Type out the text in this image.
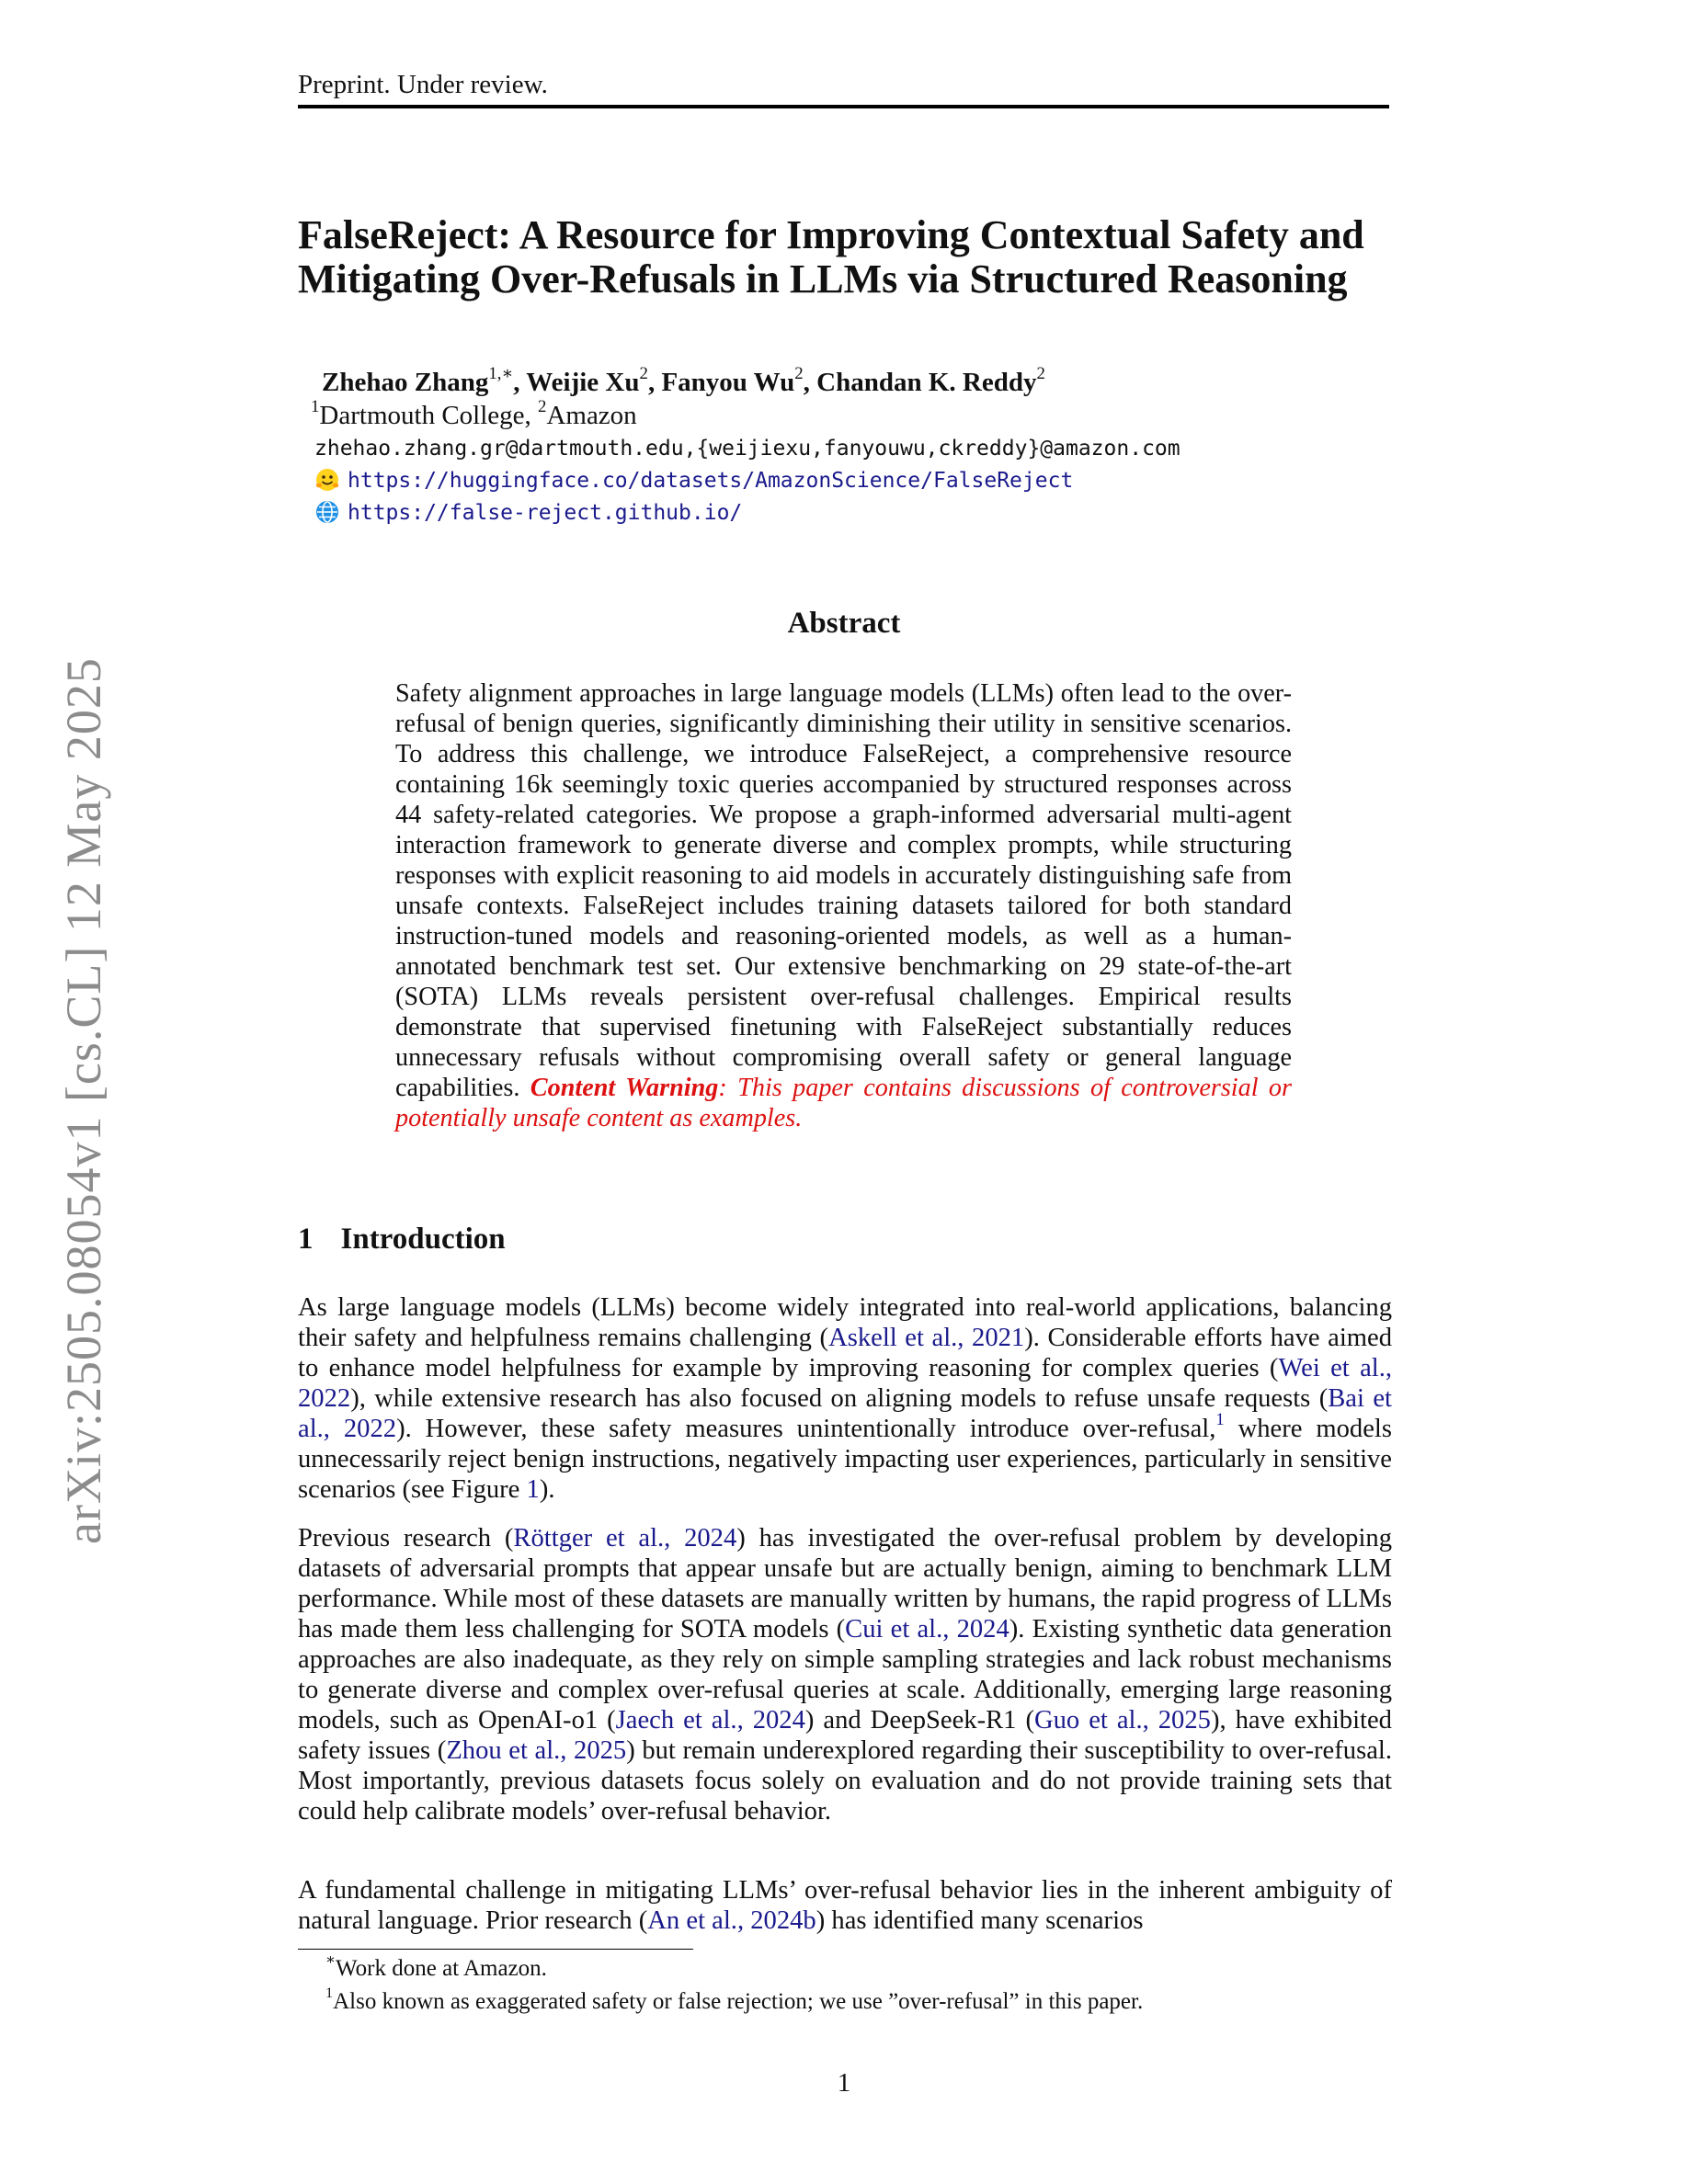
Preprint. Under review.
FalseReject: A Resource for Improving Contextual Safety and
Mitigating Over-Refusals in LLMs via Structured Reasoning
Zhehao Zhang$^{1,∗}$, Weijie Xu$^2$, Fanyou Wu$^2$, Chandan K. Reddy$^2$
$^1$Dartmouth College, $^2$Amazon
zhehao.zhang.gr@dartmouth.edu,{weijiexu,fanyouwu,ckreddy}@amazon.com
https://huggingface.co/datasets/AmazonScience/FalseReject
https://false-reject.github.io/
arXiv:2505.08054v1 [cs.CL] 12 May 2025
Abstract
Safety alignment approaches in large language models (LLMs) often lead to the over-refusal of benign queries, significantly diminishing their utility in sensitive scenarios. To address this challenge, we introduce FalseReject, a comprehensive resource containing 16k seemingly toxic queries accompanied by structured responses across 44 safety-related categories. We propose a graph-informed adversarial multi-agent interaction framework to generate diverse and complex prompts, while structuring responses with explicit reasoning to aid models in accurately distinguishing safe from unsafe contexts. FalseReject includes training datasets tailored for both standard instruction-tuned models and reasoning-oriented models, as well as a human-annotated benchmark test set. Our extensive benchmarking on 29 state-of-the-art (SOTA) LLMs reveals persistent over-refusal challenges. Empirical results demonstrate that supervised finetuning with FalseReject substantially reduces unnecessary refusals without compromising overall safety or general language capabilities. Content Warning: This paper contains discussions of controversial or potentially unsafe content as examples.
1 Introduction
As large language models (LLMs) become widely integrated into real-world applications, balancing their safety and helpfulness remains challenging (Askell et al., 2021). Considerable efforts have aimed to enhance model helpfulness for example by improving reasoning for complex queries (Wei et al., 2022), while extensive research has also focused on aligning models to refuse unsafe requests (Bai et al., 2022). However, these safety measures unintentionally introduce over-refusal,$^1$ where models unnecessarily reject benign instructions, negatively impacting user experiences, particularly in sensitive scenarios (see Figure 1).
Previous research (Röttger et al., 2024) has investigated the over-refusal problem by developing datasets of adversarial prompts that appear unsafe but are actually benign, aiming to benchmark LLM performance. While most of these datasets are manually written by humans, the rapid progress of LLMs has made them less challenging for SOTA models (Cui et al., 2024). Existing synthetic data generation approaches are also inadequate, as they rely on simple sampling strategies and lack robust mechanisms to generate diverse and complex over-refusal queries at scale. Additionally, emerging large reasoning models, such as OpenAI-o1 (Jaech et al., 2024) and DeepSeek-R1 (Guo et al., 2025), have exhibited safety issues (Zhou et al., 2025) but remain underexplored regarding their susceptibility to over-refusal. Most importantly, previous datasets focus solely on evaluation and do not provide training sets that could help calibrate models’ over-refusal behavior.
A fundamental challenge in mitigating LLMs’ over-refusal behavior lies in the inherent ambiguity of natural language. Prior research (An et al., 2024b) has identified many scenarios
∗Work done at Amazon.
$^1$Also known as exaggerated safety or false rejection; we use ”over-refusal” in this paper.
1
